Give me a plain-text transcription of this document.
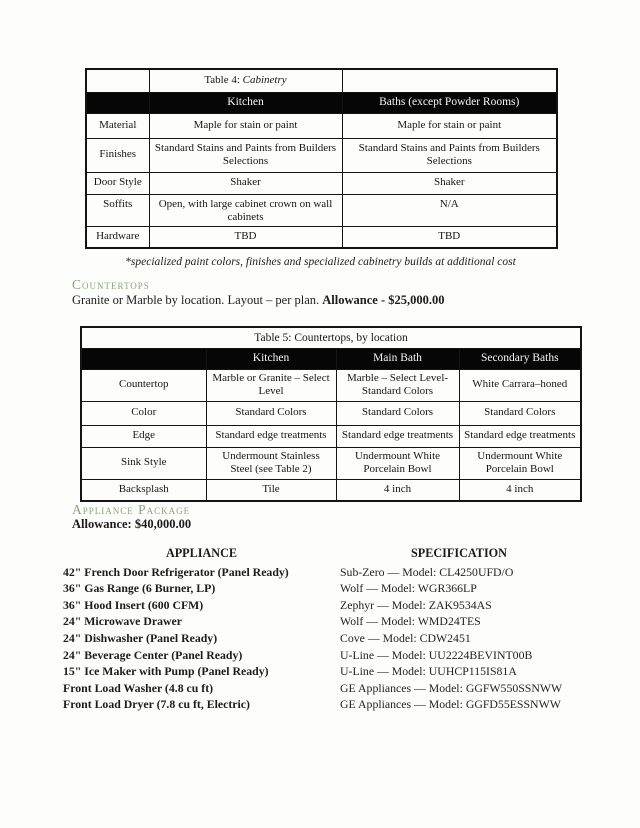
	Table 4: Cabinetry	
	Kitchen	Baths (except Powder Rooms)
Material	Maple for stain or paint	Maple for stain or paint
Finishes	Standard Stains and Paints from Builders Selections	Standard Stains and Paints from Builders Selections
Door Style	Shaker	Shaker
Soffits	Open, with large cabinet crown on wall cabinets	N/A
Hardware	TBD	TBD
*specialized paint colors, finishes and specialized cabinetry builds at additional cost
Countertops
Granite or Marble by location. Layout – per plan. Allowance - $25,000.00
Table 5: Countertops, by location			
	Kitchen	Main Bath	Secondary Baths
Countertop	Marble or Granite – Select Level	Marble – Select Level- Standard Colors	White Carrara–honed
Color	Standard Colors	Standard Colors	Standard Colors
Edge	Standard edge treatments	Standard edge treatments	Standard edge treatments
Sink Style	Undermount Stainless Steel (see Table 2)	Undermount White Porcelain Bowl	Undermount White Porcelain Bowl
Backsplash	Tile	4 inch	4 inch
Appliance Package
Allowance: $40,000.00
APPLIANCE	SPECIFICATION
42" French Door Refrigerator (Panel Ready)	Sub-Zero — Model: CL4250UFD/O
36" Gas Range (6 Burner, LP)	Wolf — Model: WGR366LP
36" Hood Insert (600 CFM)	Zephyr — Model: ZAK9534AS
24" Microwave Drawer	Wolf — Model: WMD24TES
24" Dishwasher (Panel Ready)	Cove — Model: CDW2451
24" Beverage Center (Panel Ready)	U-Line — Model: UU2224BEVINT00B
15" Ice Maker with Pump (Panel Ready)	U-Line — Model: UUHCP115IS81A
Front Load Washer (4.8 cu ft)	GE Appliances — Model: GGFW550SSNWW
Front Load Dryer (7.8 cu ft, Electric)	GE Appliances — Model: GGFD55ESSNWW
